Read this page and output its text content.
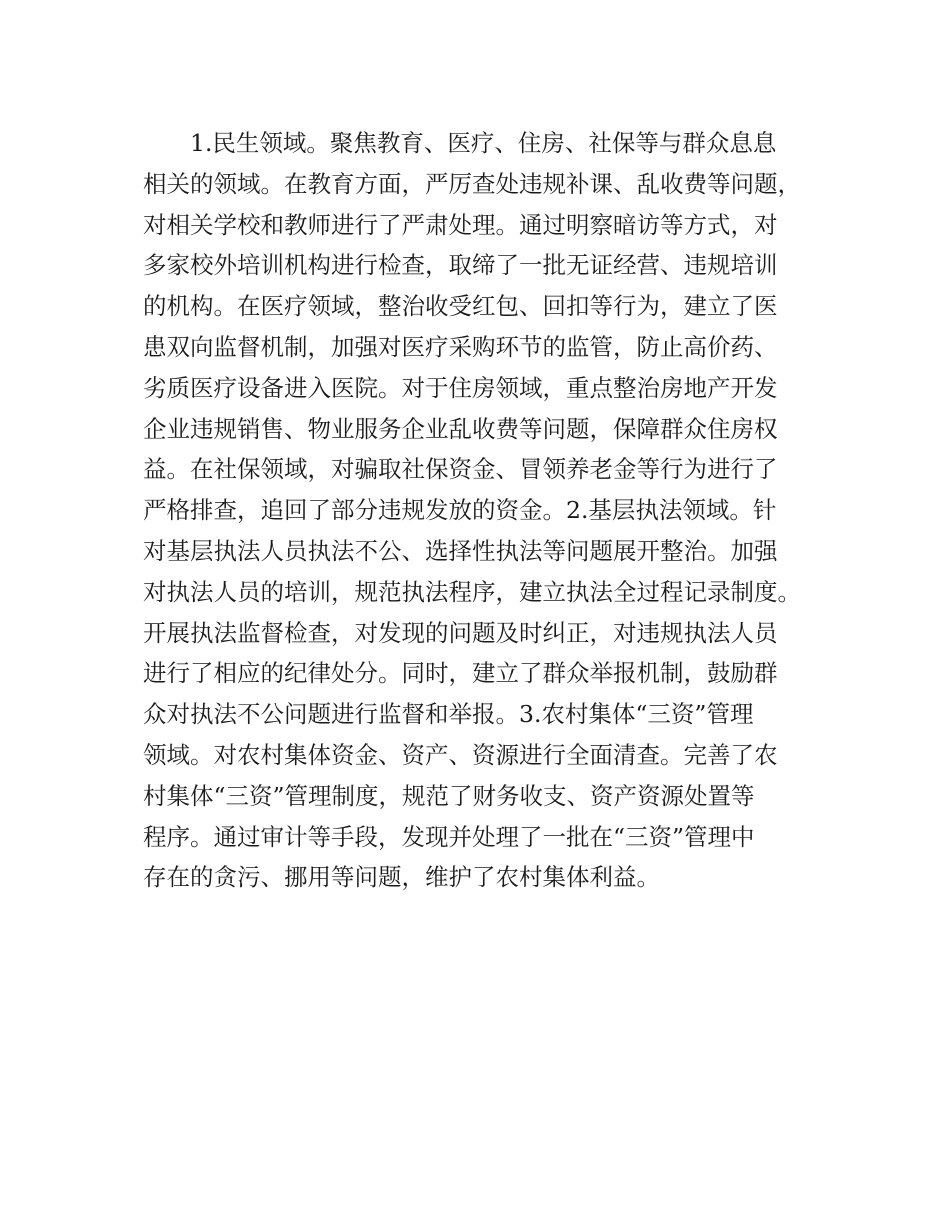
1.民生领域。聚焦教育、医疗、住房、社保等与群众息息
相关的领域。在教育方面，严厉查处违规补课、乱收费等问题，
对相关学校和教师进行了严肃处理。通过明察暗访等方式，对
多家校外培训机构进行检查，取缔了一批无证经营、违规培训
的机构。在医疗领域，整治收受红包、回扣等行为，建立了医
患双向监督机制，加强对医疗采购环节的监管，防止高价药、
劣质医疗设备进入医院。对于住房领域，重点整治房地产开发
企业违规销售、物业服务企业乱收费等问题，保障群众住房权
益。在社保领域，对骗取社保资金、冒领养老金等行为进行了
严格排查，追回了部分违规发放的资金。2.基层执法领域。针
对基层执法人员执法不公、选择性执法等问题展开整治。加强
对执法人员的培训，规范执法程序，建立执法全过程记录制度。
开展执法监督检查，对发现的问题及时纠正，对违规执法人员
进行了相应的纪律处分。同时，建立了群众举报机制，鼓励群
众对执法不公问题进行监督和举报。3.农村集体“三资”管理
领域。对农村集体资金、资产、资源进行全面清查。完善了农
村集体“三资”管理制度，规范了财务收支、资产资源处置等
程序。通过审计等手段，发现并处理了一批在“三资”管理中
存在的贪污、挪用等问题，维护了农村集体利益。
